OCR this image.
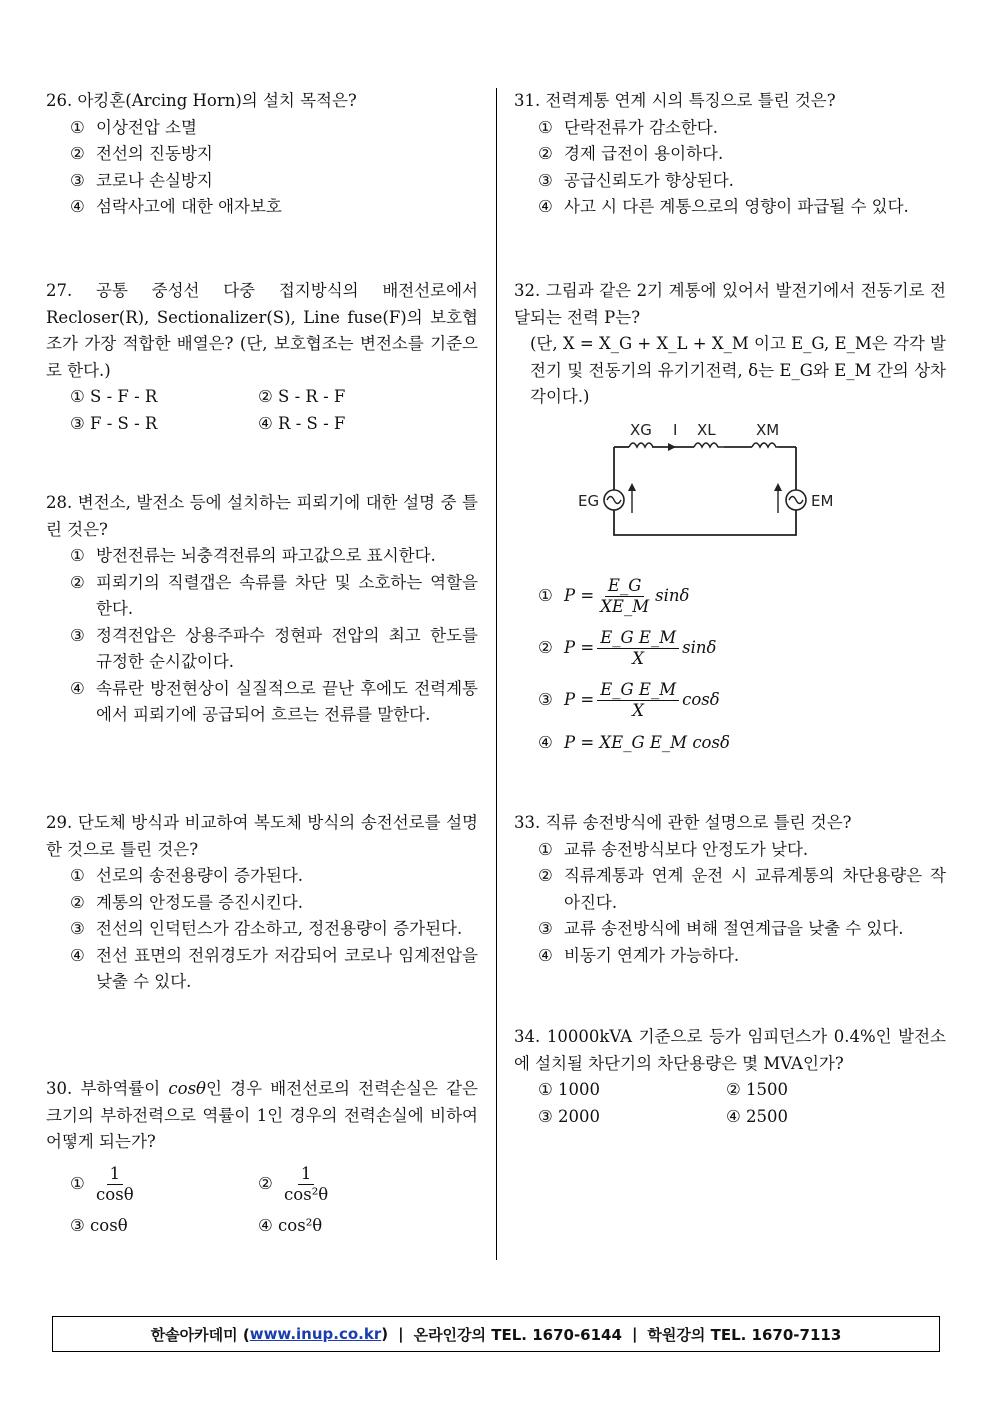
26. 아킹혼(Arcing Horn)의 설치 목적은?
① 이상전압 소멸
② 전선의 진동방지
③ 코로나 손실방지
④ 섬락사고에 대한 애자보호
27. 공통 중성선 다중 접지방식의 배전선로에서 Recloser(R), Sectionalizer(S), Line fuse(F)의 보호협조가 가장 적합한 배열은? (단, 보호협조는 변전소를 기준으로 한다.)
① S - F - R	② S - R - F
③ F - S - R	④ R - S - F
28. 변전소, 발전소 등에 설치하는 피뢰기에 대한 설명 중 틀린 것은?
① 방전전류는 뇌충격전류의 파고값으로 표시한다.
② 피뢰기의 직렬갭은 속류를 차단 및 소호하는 역할을 한다.
③ 정격전압은 상용주파수 정현파 전압의 최고 한도를 규정한 순시값이다.
④ 속류란 방전현상이 실질적으로 끝난 후에도 전력계통에서 피뢰기에 공급되어 흐르는 전류를 말한다.
29. 단도체 방식과 비교하여 복도체 방식의 송전선로를 설명한 것으로 틀린 것은?
① 선로의 송전용량이 증가된다.
② 계통의 안정도를 증진시킨다.
③ 전선의 인덕턴스가 감소하고, 정전용량이 증가된다.
④ 전선 표면의 전위경도가 저감되어 코로나 임계전압을 낮출 수 있다.
30. 부하역률이 cosθ인 경우 배전선로의 전력손실은 같은 크기의 부하전력으로 역률이 1인 경우의 전력손실에 비하여 어떻게 되는가?
① $\frac{1}{\cos\theta}$	② $\frac{1}{\text{cos²θ}}$
③ cosθ	④ cos²θ
31. 전력계통 연계 시의 특징으로 틀린 것은?
① 단락전류가 감소한다.
② 경제 급전이 용이하다.
③ 공급신뢰도가 향상된다.
④ 사고 시 다른 계통으로의 영향이 파급될 수 있다.
32. 그림과 같은 2기 계통에 있어서 발전기에서 전동기로 전달되는 전력 P는?
(단, X = X_G + X_L + X_M 이고 E_G, E_M은 각각 발전기 및 전동기의 유기기전력, δ는 E_G와 E_M 간의 상차각이다.)
XG I XL	XM
EG	EM
① $P = \frac{E\_G}{XE\_M}$ sinδ
② $P = \frac{\text{E\_G E\_M}}{X}$ sinδ
③ $P = \frac{\text{E\_G E\_M}}{X}$ cosδ
④ P = XE_G E_M cosδ
33. 직류 송전방식에 관한 설명으로 틀린 것은?
① 교류 송전방식보다 안정도가 낮다.
② 직류계통과 연계 운전 시 교류계통의 차단용량은 작아진다.
③ 교류 송전방식에 벼해 절연계급을 낮출 수 있다.
④ 비동기 연계가 가능하다.
34. 10000kVA 기준으로 등가 임피던스가 0.4%인 발전소에 설치될 차단기의 차단용량은 몇 MVA인가?
① 1000	② 1500
③ 2000	④ 2500
한솔아카데미 ( www.inup.co.kr ) | 온라인강의 TEL. 1670-6144 | 학원강의 TEL. 1670-7113
